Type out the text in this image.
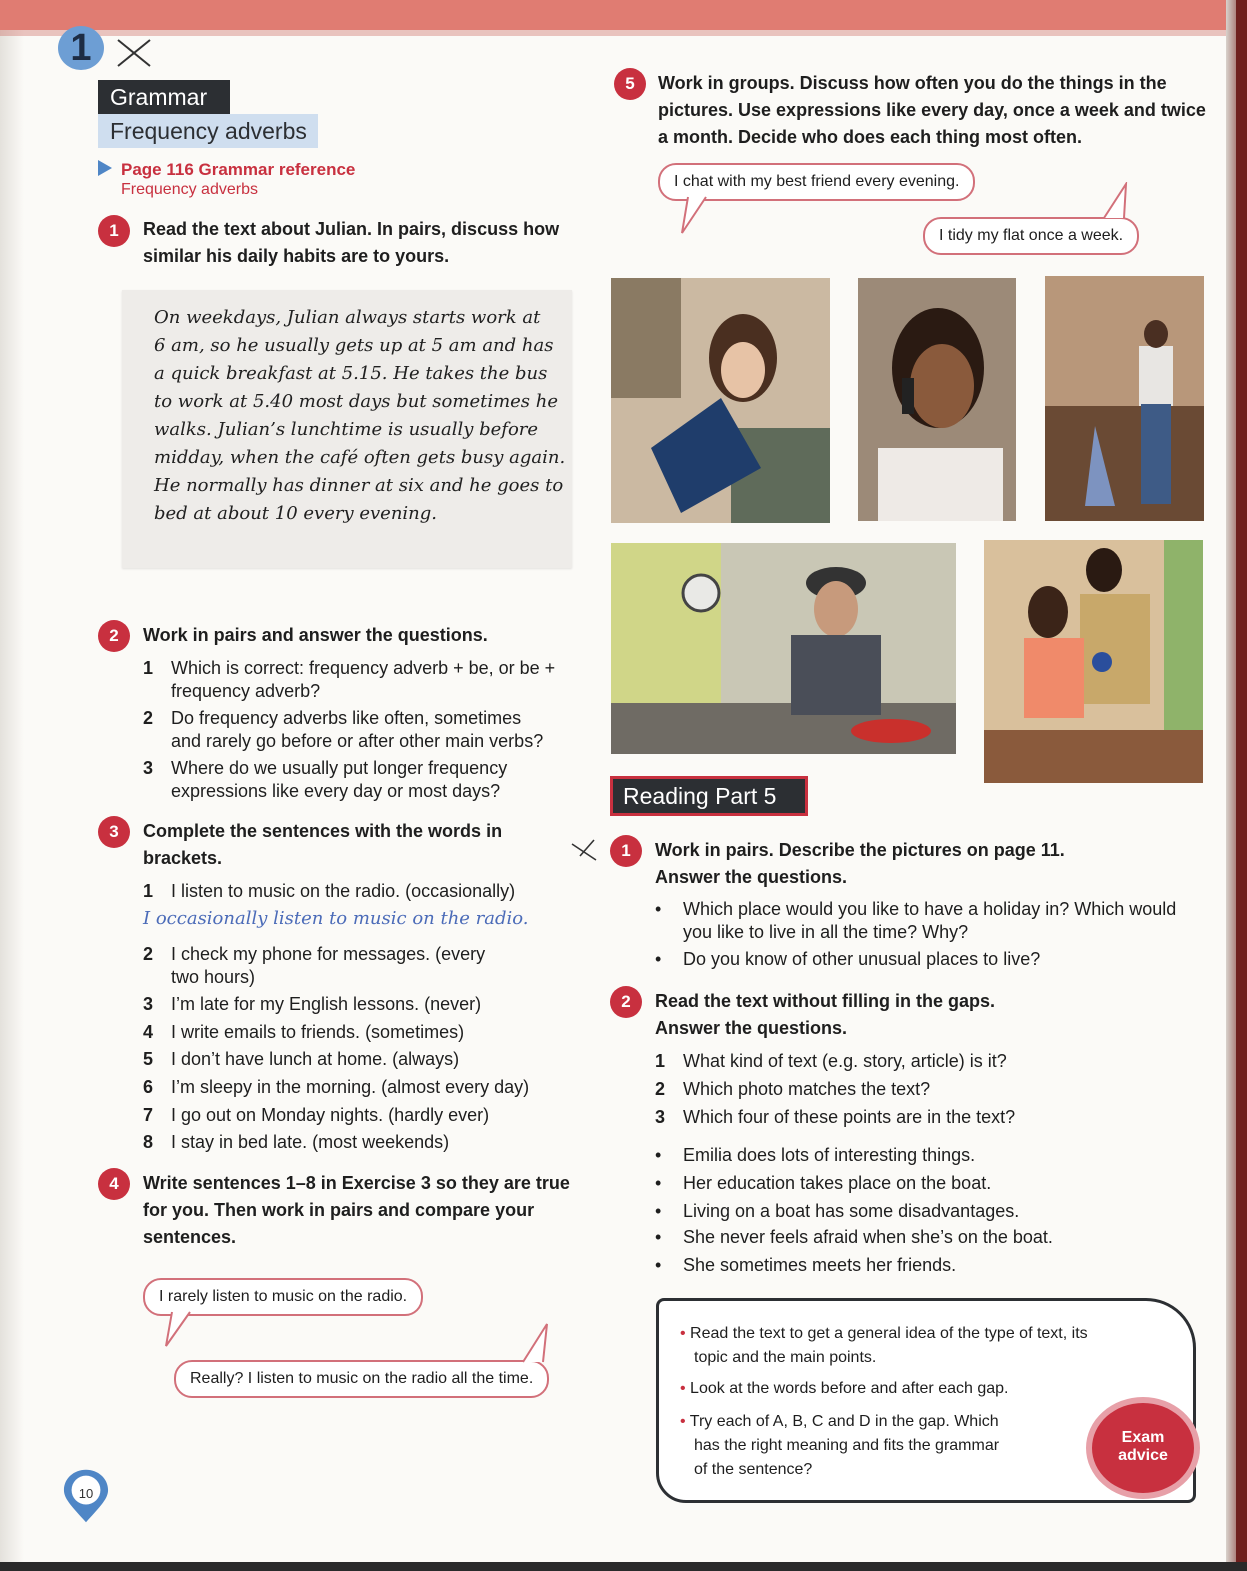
1
Grammar
Frequency adverbs
Page 116 Grammar reference
Frequency adverbs
1	Read the text about Julian. In pairs, discuss how
similar his daily habits are to yours.
On weekdays, Julian always starts work at
6 am, so he usually gets up at 5 am and has
a quick breakfast at 5.15. He takes the bus
to work at 5.40 most days but sometimes he
walks. Julian’s lunchtime is usually before
midday, when the café often gets busy again.
He normally has dinner at six and he goes to
bed at about 10 every evening.
2	Work in pairs and answer the questions.
1 Which is correct: frequency adverb + be, or be +
frequency adverb?
2 Do frequency adverbs like often, sometimes
and rarely go before or after other main verbs?
3 Where do we usually put longer frequency
expressions like every day or most days?
3	Complete the sentences with the words in
brackets.
1 I listen to music on the radio. (occasionally)
I occasionally listen to music on the radio.
2 I check my phone for messages. (every
two hours)
3 I’m late for my English lessons. (never)
4 I write emails to friends. (sometimes)
5 I don’t have lunch at home. (always)
6 I’m sleepy in the morning. (almost every day)
7 I go out on Monday nights. (hardly ever)
8 I stay in bed late. (most weekends)
4	Write sentences 1–8 in Exercise 3 so they are true
for you. Then work in pairs and compare your
sentences.
I rarely listen to music on the radio.
Really? I listen to music on the radio all the time.
10
5	Work in groups. Discuss how often you do the things in the
pictures. Use expressions like every day, once a week and twice
a month. Decide who does each thing most often.
I chat with my best friend every evening.
I tidy my flat once a week.
Reading Part 5
1	Work in pairs. Describe the pictures on page 11.
Answer the questions.
• Which place would you like to have a holiday in? Which would
you like to live in all the time? Why?
• Do you know of other unusual places to live?
2	Read the text without filling in the gaps.
Answer the questions.
1 What kind of text (e.g. story, article) is it?
2 Which photo matches the text?
3 Which four of these points are in the text?
• Emilia does lots of interesting things.
• Her education takes place on the boat.
• Living on a boat has some disadvantages.
• She never feels afraid when she’s on the boat.
• She sometimes meets her friends.
• Read the text to get a general idea of the type of text, its
topic and the main points.
• Look at the words before and after each gap.
• Try each of A, B, C and D in the gap. Which
has the right meaning and fits the grammar
of the sentence?
Exam
advice
